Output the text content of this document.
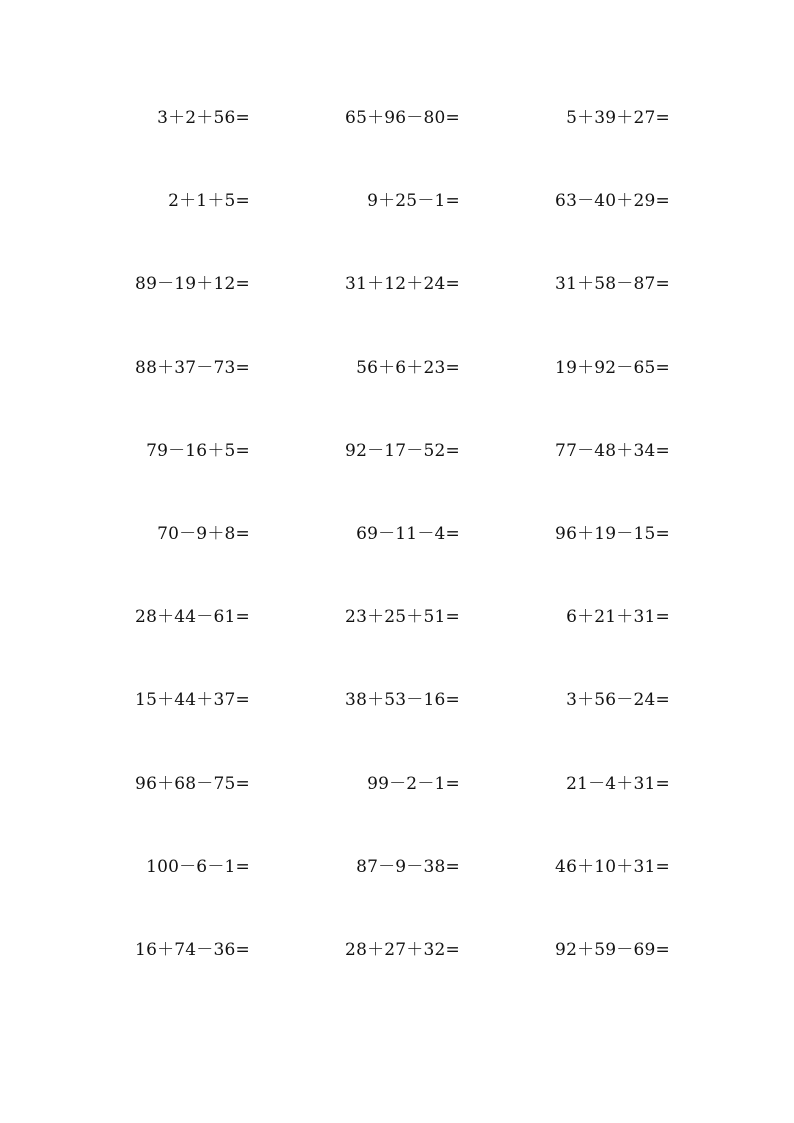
3＋2＋56=	65＋96－80=	5＋39＋27=
2＋1＋5=	9＋25－1=	63－40＋29=
89－19＋12=	31＋12＋24=	31＋58－87=
88＋37－73=	56＋6＋23=	19＋92－65=
79－16＋5=	92－17－52=	77－48＋34=
70－9＋8=	69－11－4=	96＋19－15=
28＋44－61=	23＋25＋51=	6＋21＋31=
15＋44＋37=	38＋53－16=	3＋56－24=
96＋68－75=	99－2－1=	21－4＋31=
100－6－1=	87－9－38=	46＋10＋31=
16＋74－36=	28＋27＋32=	92＋59－69=
